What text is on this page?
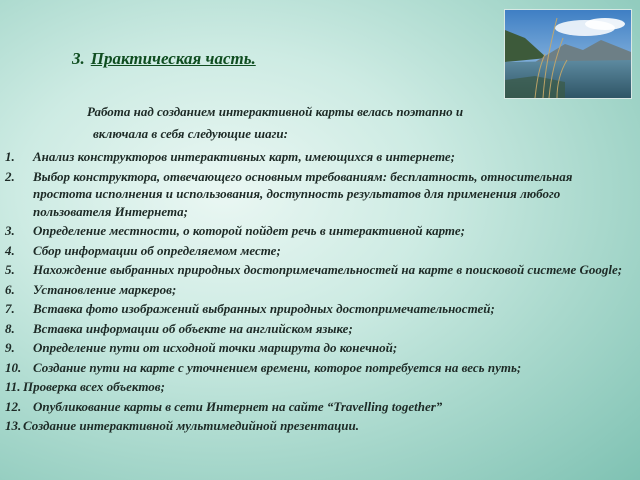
3. Практическая часть.
Работа над созданием интерактивной карты велась поэтапно и
включала в себя следующие шаги:
1. Анализ конструкторов интерактивных карт, имеющихся в интернете;
2. Выбор конструктора, отвечающего основным требованиям: бесплатность, относительная простота исполнения и использования, доступность результатов для применения любого пользователя Интернета;
3. Определение местности, о которой пойдет речь в интерактивной карте;
4. Сбор информации об определяемом месте;
5. Нахождение выбранных природных достопримечательностей на карте в поисковой системе Google;
6. Установление маркеров;
7. Вставка фото изображений выбранных природных достопримечательностей;
8. Вставка информации об объекте на английском языке;
9. Определение пути от исходной точки маршрута до конечной;
10. Создание пути на карте с уточнением времени, которое потребуется на весь путь;
11. Проверка всех объектов;
12. Опубликование карты в сети Интернет на сайте “Travelling together”
13. Создание интерактивной мультимедийной презентации.
